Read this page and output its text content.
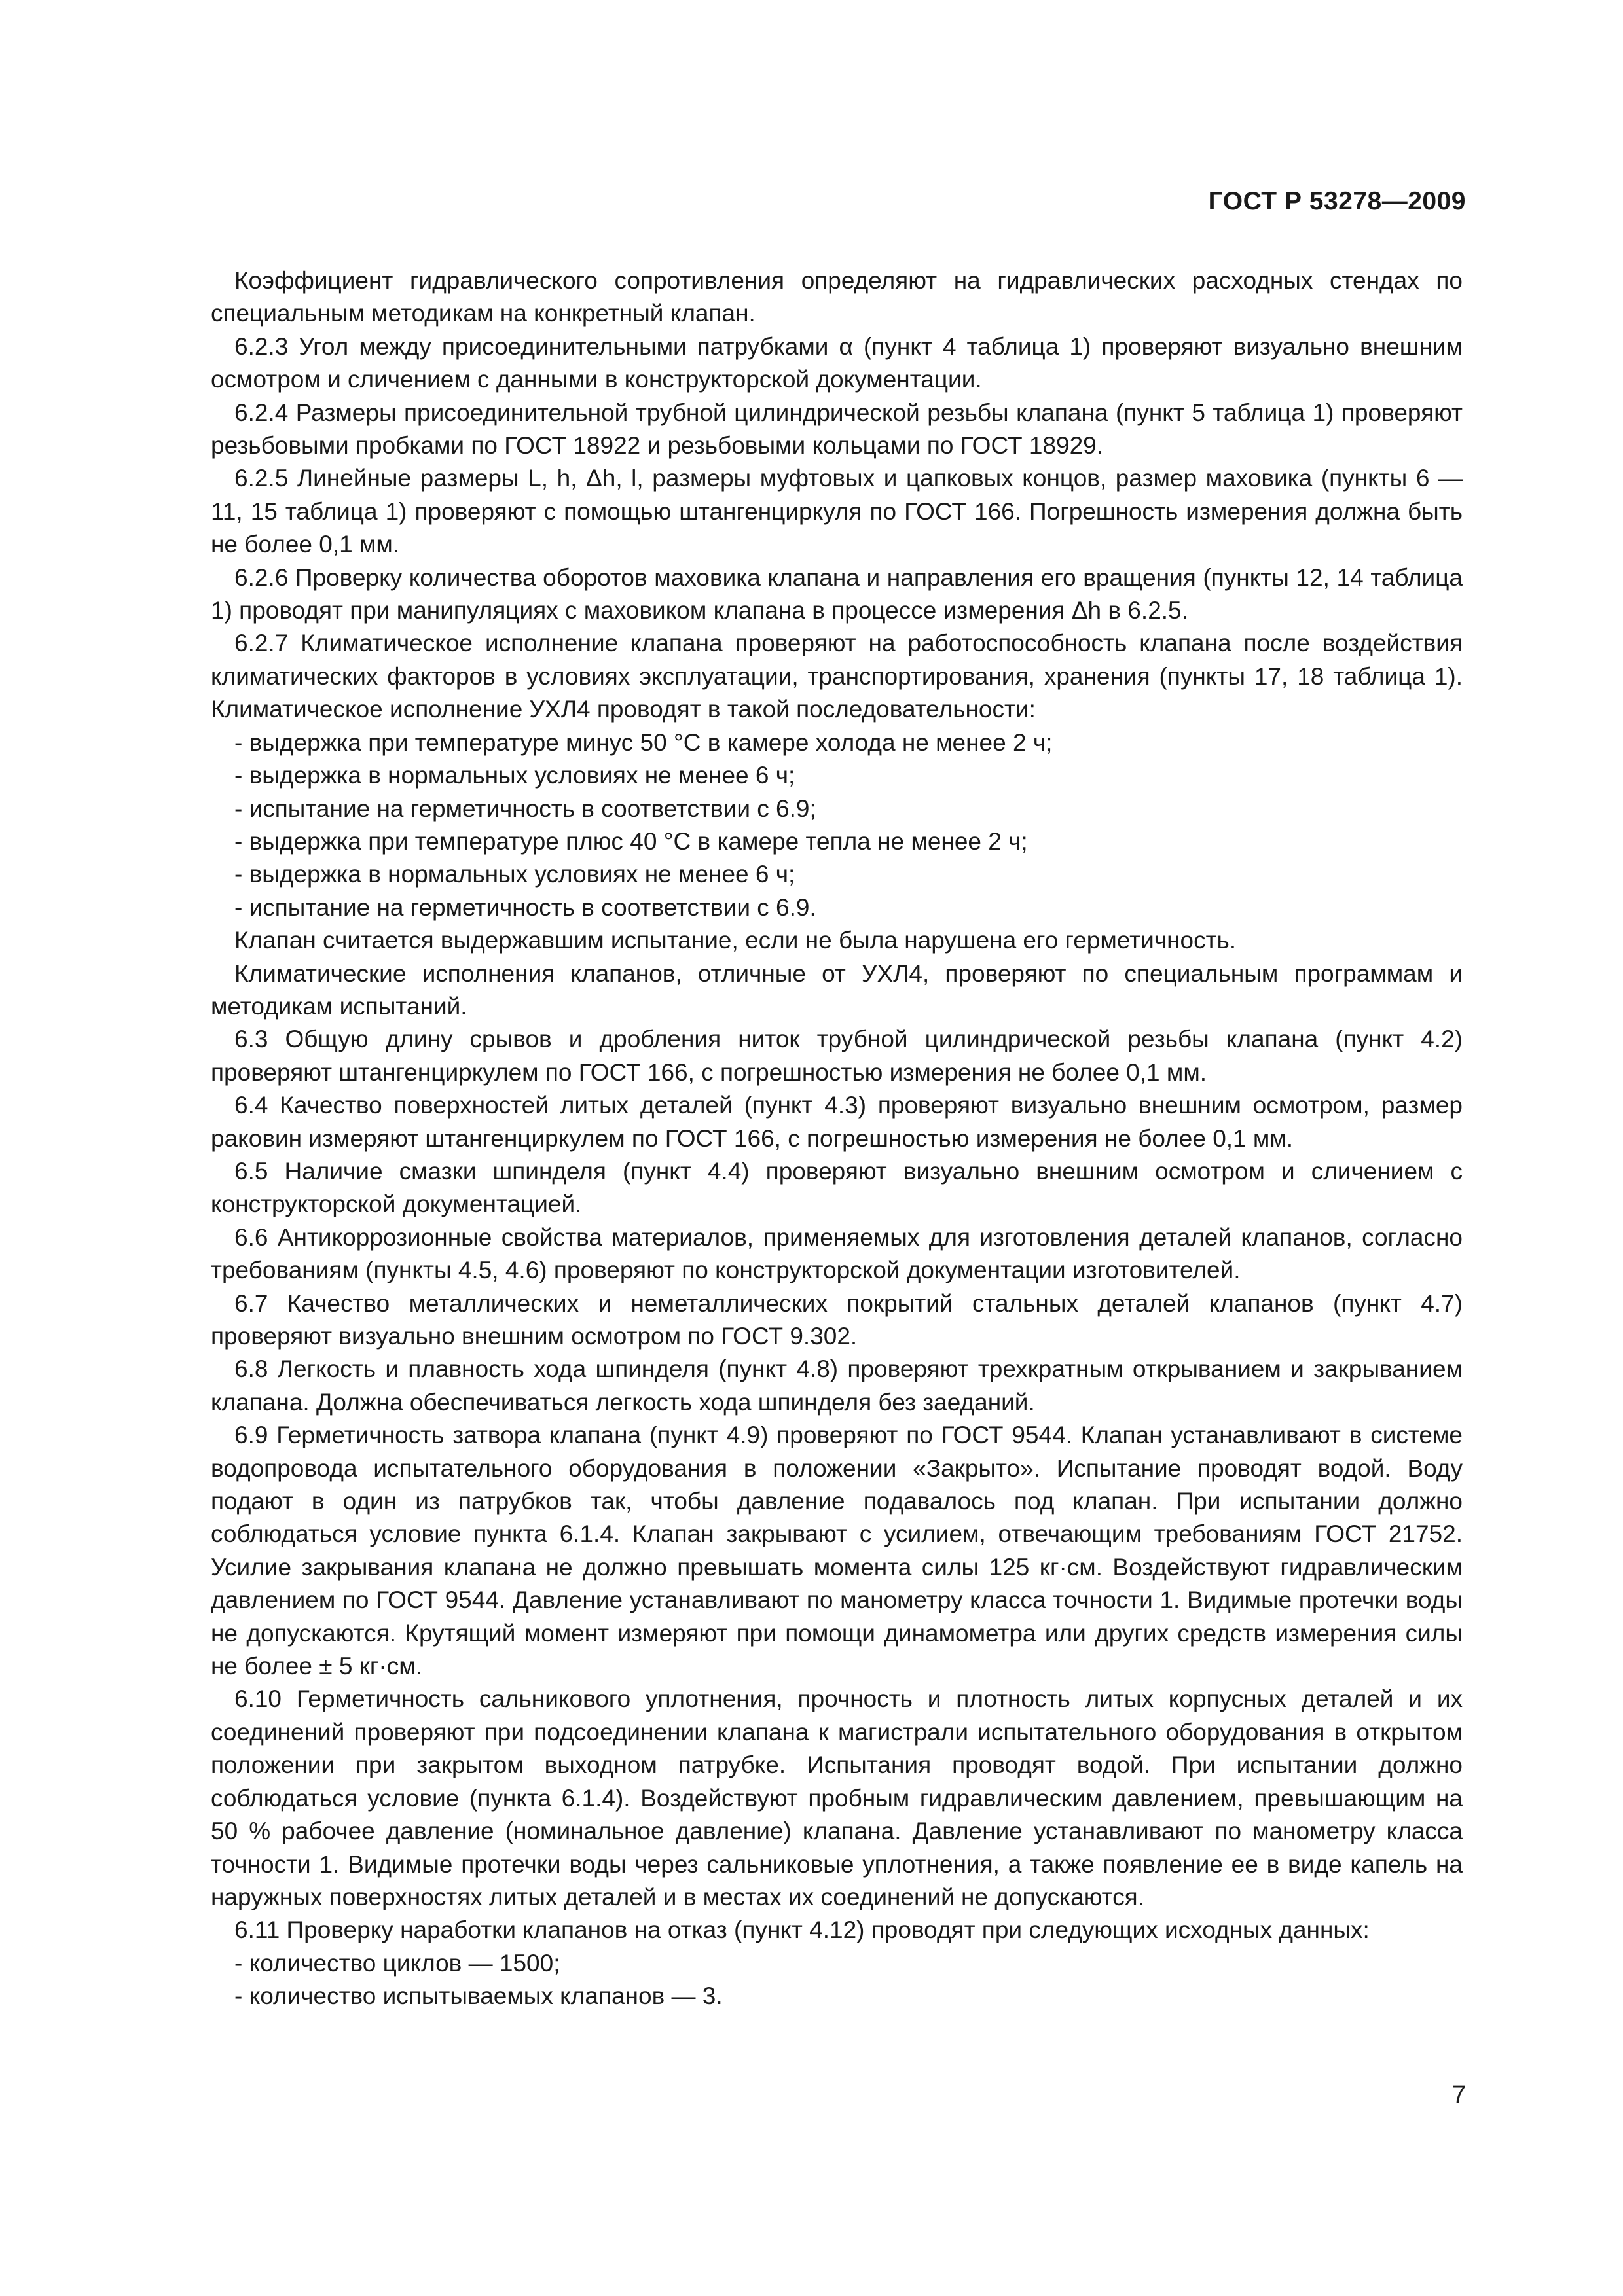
ГОСТ Р 53278—2009

Коэффициент гидравлического сопротивления определяют на гидравлических расходных стендах по специальным методикам на конкретный клапан.

6.2.3 Угол между присоединительными патрубками α (пункт 4 таблица 1) проверяют визуально внешним осмотром и сличением с данными в конструкторской документации.

6.2.4 Размеры присоединительной трубной цилиндрической резьбы клапана (пункт 5 таблица 1) проверяют резьбовыми пробками по ГОСТ 18922 и резьбовыми кольцами по ГОСТ 18929.

6.2.5 Линейные размеры L, h, Δh, l, размеры муфтовых и цапковых концов, размер маховика (пункты 6 — 11, 15 таблица 1) проверяют с помощью штангенциркуля по ГОСТ 166. Погрешность измерения должна быть не более 0,1 мм.

6.2.6 Проверку количества оборотов маховика клапана и направления его вращения (пункты 12, 14 таблица 1) проводят при манипуляциях с маховиком клапана в процессе измерения Δh в 6.2.5.

6.2.7 Климатическое исполнение клапана проверяют на работоспособность клапана после воздействия климатических факторов в условиях эксплуатации, транспортирования, хранения (пункты 17, 18 таблица 1). Климатическое исполнение УХЛ4 проводят в такой последовательности:

- выдержка при температуре минус 50 °С в камере холода не менее 2 ч;

- выдержка в нормальных условиях не менее 6 ч;

- испытание на герметичность в соответствии с 6.9;

- выдержка при температуре плюс 40 °С в камере тепла не менее 2 ч;

- выдержка в нормальных условиях не менее 6 ч;

- испытание на герметичность в соответствии с 6.9.

Клапан считается выдержавшим испытание, если не была нарушена его герметичность.

Климатические исполнения клапанов, отличные от УХЛ4, проверяют по специальным программам и методикам испытаний.

6.3 Общую длину срывов и дробления ниток трубной цилиндрической резьбы клапана (пункт 4.2) проверяют штангенциркулем по ГОСТ 166, с погрешностью измерения не более 0,1 мм.

6.4 Качество поверхностей литых деталей (пункт 4.3) проверяют визуально внешним осмотром, размер раковин измеряют штангенциркулем по ГОСТ 166, с погрешностью измерения не более 0,1 мм.

6.5 Наличие смазки шпинделя (пункт 4.4) проверяют визуально внешним осмотром и сличением с конструкторской документацией.

6.6 Антикоррозионные свойства материалов, применяемых для изготовления деталей клапанов, согласно требованиям (пункты 4.5, 4.6) проверяют по конструкторской документации изготовителей.

6.7 Качество металлических и неметаллических покрытий стальных деталей клапанов (пункт 4.7) проверяют визуально внешним осмотром по ГОСТ 9.302.

6.8 Легкость и плавность хода шпинделя (пункт 4.8) проверяют трехкратным открыванием и закрыванием клапана. Должна обеспечиваться легкость хода шпинделя без заеданий.

6.9 Герметичность затвора клапана (пункт 4.9) проверяют по ГОСТ 9544. Клапан устанавливают в системе водопровода испытательного оборудования в положении «Закрыто». Испытание проводят водой. Воду подают в один из патрубков так, чтобы давление подавалось под клапан. При испытании должно соблюдаться условие пункта 6.1.4. Клапан закрывают с усилием, отвечающим требованиям ГОСТ 21752. Усилие закрывания клапана не должно превышать момента силы 125 кг·см. Воздействуют гидравлическим давлением по ГОСТ 9544. Давление устанавливают по манометру класса точности 1. Видимые протечки воды не допускаются. Крутящий момент измеряют при помощи динамометра или других средств измерения силы не более ± 5 кг·см.

6.10 Герметичность сальникового уплотнения, прочность и плотность литых корпусных деталей и их соединений проверяют при подсоединении клапана к магистрали испытательного оборудования в открытом положении при закрытом выходном патрубке. Испытания проводят водой. При испытании должно соблюдаться условие (пункта 6.1.4). Воздействуют пробным гидравлическим давлением, превышающим на 50 % рабочее давление (номинальное давление) клапана. Давление устанавливают по манометру класса точности 1. Видимые протечки воды через сальниковые уплотнения, а также появление ее в виде капель на наружных поверхностях литых деталей и в местах их соединений не допускаются.

6.11 Проверку наработки клапанов на отказ (пункт 4.12) проводят при следующих исходных данных:

- количество циклов — 1500;

- количество испытываемых клапанов — 3.

7
